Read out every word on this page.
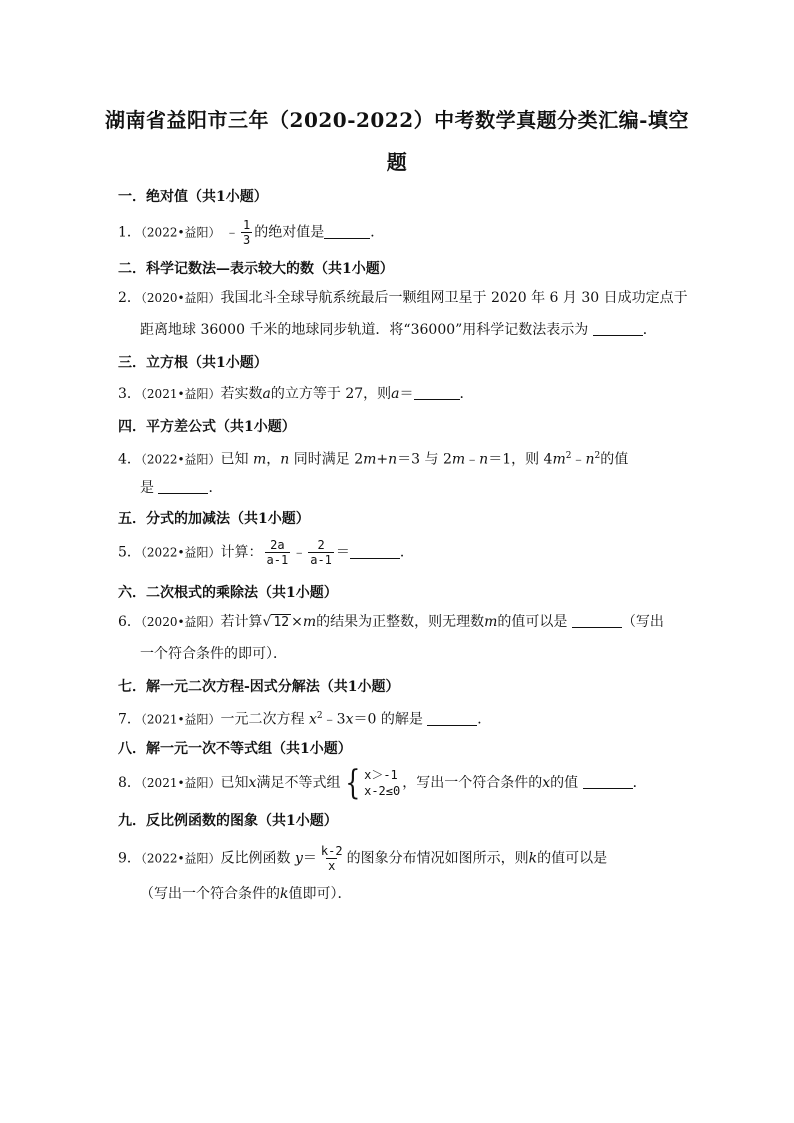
湖南省益阳市三年（2020-2022）中考数学真题分类汇编-填空
题
一．绝对值（共1小题）
1．（2022•益阳） ﹣ $\frac{1}{3}$ 的绝对值是	．
二．科学记数法—表示较大的数（共1小题）
2．（2020•益阳）我国北斗全球导航系统最后一颗组网卫星于 2020 年 6 月 30 日成功定点于
距离地球 36000 千米的地球同步轨道．将“36000”用科学记数法表示为	．
三．立方根（共1小题）
3．（2021•益阳）若实数a的立方等于 27，则a＝	．
四．平方差公式（共1小题）
4．（2022•益阳）已知 m，n 同时满足 2m+n＝3 与 2m﹣n＝1，则 $4m^2﹣n^2$的值
是	．
五．分式的加减法（共1小题）
5．（2022•益阳）计算： $\frac{2a}{a-1}$ ﹣ $\frac{2}{a-1}$ ＝	．
六．二次根式的乘除法（共1小题）
6．（2020•益阳）若计算√ 12 ×m的结果为正整数，则无理数m的值可以是	（写出
一个符合条件的即可）．
七．解一元二次方程-因式分解法（共1小题）
7．（2021•益阳）一元二次方程 $x^2﹣3x=0$ 的解是	．
八．解一元一次不等式组（共1小题）
8．（2021•益阳）已知x满足不等式组 { x＞-1
x-2≤0 ，写出一个符合条件的x的值	．
九．反比例函数的图象（共1小题）
9．（2022•益阳）反比例函数 $y= \frac{k-2}{x}$ 的图象分布情况如图所示，则k的值可以是
（写出一个符合条件的k值即可）．
